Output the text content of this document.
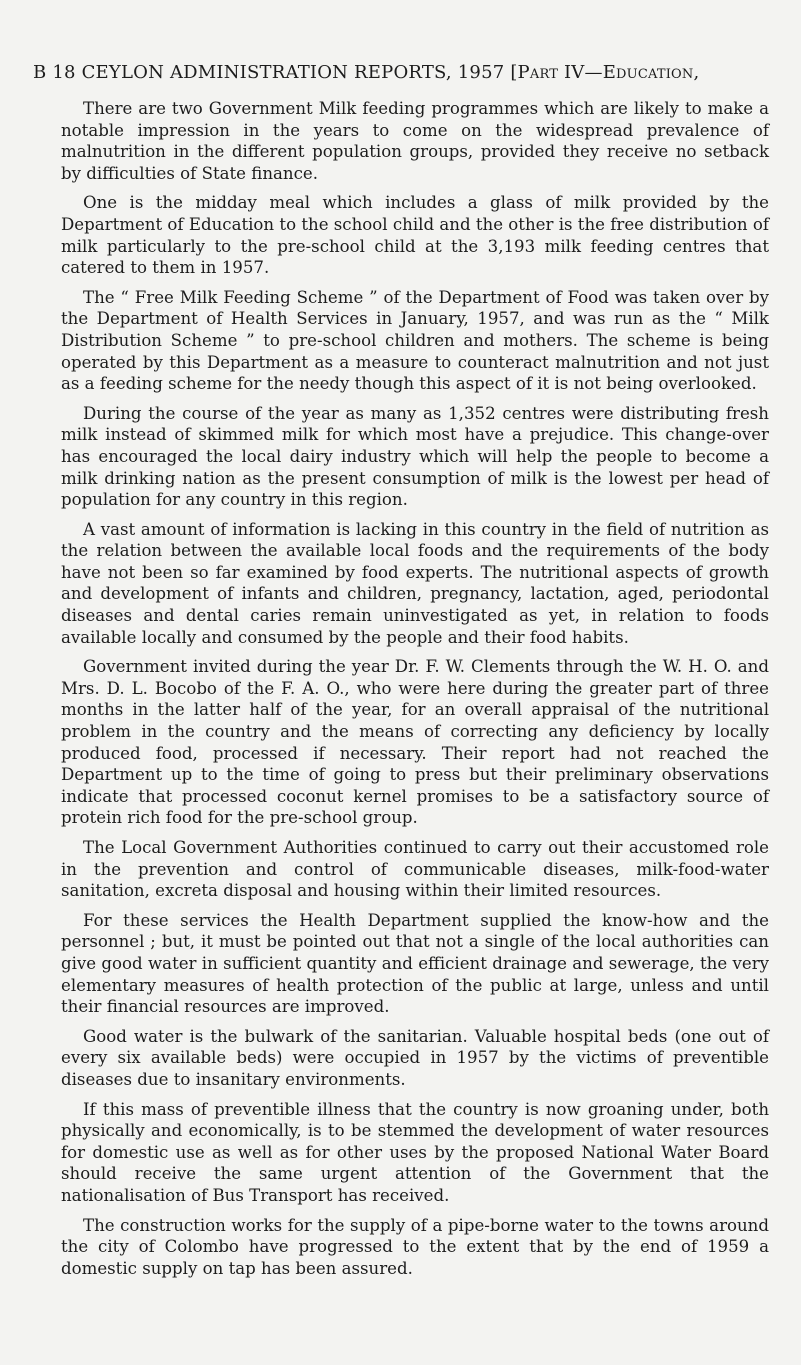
B 18 CEYLON ADMINISTRATION REPORTS, 1957 [Part IV—Education,

There are two Government Milk feeding programmes which are likely to make a notable impression in the years to come on the widespread prevalence of malnutrition in the different population groups, provided they receive no setback by difficulties of State finance.

One is the midday meal which includes a glass of milk provided by the Department of Education to the school child and the other is the free distribution of milk particularly to the pre-school child at the 3,193 milk feeding centres that catered to them in 1957.

The “ Free Milk Feeding Scheme ” of the Department of Food was taken over by the Department of Health Services in January, 1957, and was run as the “ Milk Distribution Scheme ” to pre-school children and mothers. The scheme is being operated by this Department as a measure to counteract malnutrition and not just as a feeding scheme for the needy though this aspect of it is not being overlooked.

During the course of the year as many as 1,352 centres were distributing fresh milk instead of skimmed milk for which most have a prejudice. This change-over has encouraged the local dairy industry which will help the people to become a milk drinking nation as the present consumption of milk is the lowest per head of population for any country in this region.

A vast amount of information is lacking in this country in the field of nutrition as the relation between the available local foods and the requirements of the body have not been so far examined by food experts. The nutritional aspects of growth and development of infants and children, pregnancy, lactation, aged, periodontal diseases and dental caries remain uninvestigated as yet, in relation to foods available locally and consumed by the people and their food habits.

Government invited during the year Dr. F. W. Clements through the W. H. O. and Mrs. D. L. Bocobo of the F. A. O., who were here during the greater part of three months in the latter half of the year, for an overall appraisal of the nutritional problem in the country and the means of correcting any deficiency by locally produced food, processed if necessary. Their report had not reached the Department up to the time of going to press but their preliminary observations indicate that processed coconut kernel promises to be a satisfactory source of protein rich food for the pre-school group.

The Local Government Authorities continued to carry out their accustomed role in the prevention and control of communicable diseases, milk-food-water sanitation, excreta disposal and housing within their limited resources.

For these services the Health Department supplied the know-how and the personnel ; but, it must be pointed out that not a single of the local authorities can give good water in sufficient quantity and efficient drainage and sewerage, the very elementary measures of health protection of the public at large, unless and until their financial resources are improved.

Good water is the bulwark of the sanitarian. Valuable hospital beds (one out of every six available beds) were occupied in 1957 by the victims of preventible diseases due to insanitary environments.

If this mass of preventible illness that the country is now groaning under, both physically and economically, is to be stemmed the development of water resources for domestic use as well as for other uses by the proposed National Water Board should receive the same urgent attention of the Government that the nationalisation of Bus Transport has received.

The construction works for the supply of a pipe-borne water to the towns around the city of Colombo have progressed to the extent that by the end of 1959 a domestic supply on tap has been assured.
